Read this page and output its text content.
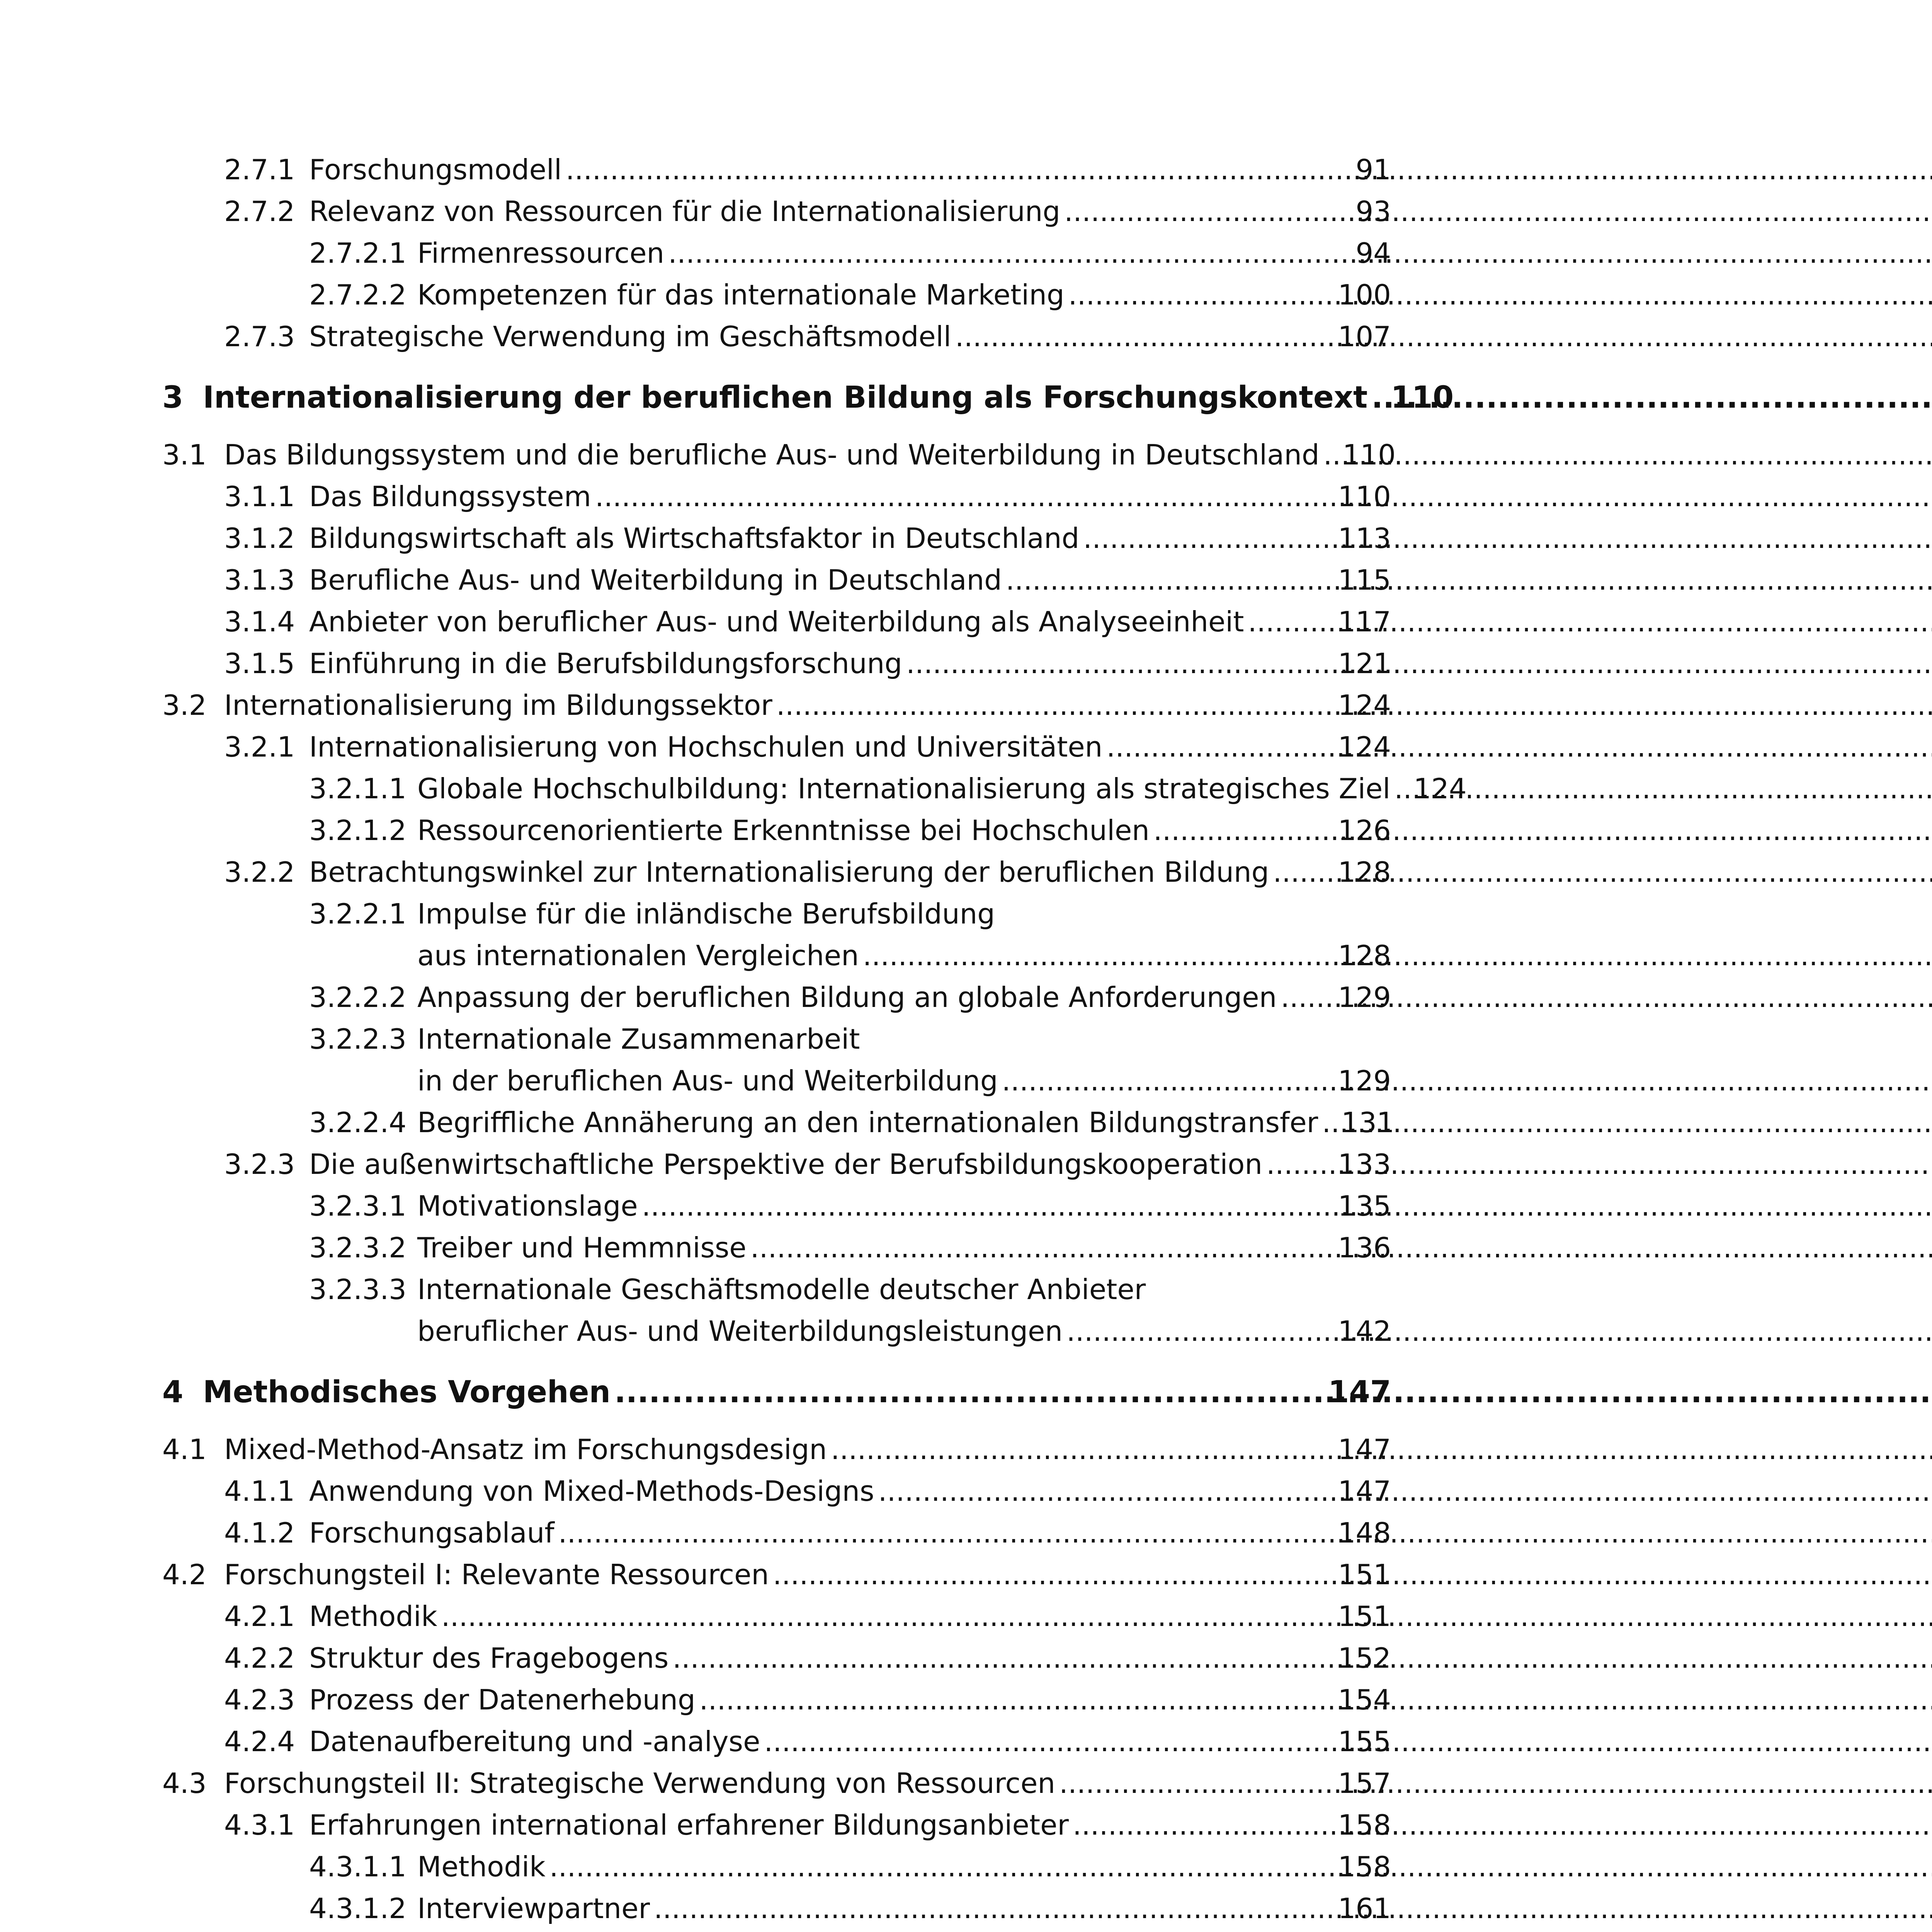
2.7.1 Forschungsmodell .....	91
2.7.2 Relevanz von Ressourcen für die Internationalisierung .....	93
2.7.2.1 Firmenressourcen .....	94
2.7.2.2 Kompetenzen für das internationale Marketing .....	100
2.7.3 Strategische Verwendung im Geschäftsmodell .....	107
3 Internationalisierung der beruflichen Bildung als Forschungskontext ..... 110
3.1 Das Bildungssystem und die berufliche Aus- und Weiterbildung in Deutschland ..... 110
3.1.1 Das Bildungssystem .....	110
3.1.2 Bildungswirtschaft als Wirtschaftsfaktor in Deutschland .....	113
3.1.3 Berufliche Aus- und Weiterbildung in Deutschland .....	115
3.1.4 Anbieter von beruflicher Aus- und Weiterbildung als Analyseeinheit .....	117
3.1.5 Einführung in die Berufsbildungsforschung .....	121
3.2 Internationalisierung im Bildungssektor .....	124
3.2.1 Internationalisierung von Hochschulen und Universitäten .....	124
3.2.1.1 Globale Hochschulbildung: Internationalisierung als strategisches Ziel ..... 124
3.2.1.2 Ressourcenorientierte Erkenntnisse bei Hochschulen .....	126
3.2.2 Betrachtungswinkel zur Internationalisierung der beruflichen Bildung ..... 128
3.2.2.1 Impulse für die inländische Berufsbildung
aus internationalen Vergleichen .....	128
3.2.2.2 Anpassung der beruflichen Bildung an globale Anforderungen ..... 129
3.2.2.3 Internationale Zusammenarbeit
in der beruflichen Aus- und Weiterbildung .....	129
3.2.2.4 Begriffliche Annäherung an den internationalen Bildungstransfer ..... 131
3.2.3 Die außenwirtschaftliche Perspektive der Berufsbildungskooperation .....	133
3.2.3.1 Motivationslage .....	135
3.2.3.2 Treiber und Hemmnisse .....	136
3.2.3.3 Internationale Geschäftsmodelle deutscher Anbieter
beruflicher Aus- und Weiterbildungsleistungen .....	142
4 Methodisches Vorgehen .....	147
4.1 Mixed-Method-Ansatz im Forschungsdesign .....	147
4.1.1 Anwendung von Mixed-Methods-Designs .....	147
4.1.2 Forschungsablauf .....	148
4.2 Forschungsteil I: Relevante Ressourcen .....	151
4.2.1 Methodik .....	151
4.2.2 Struktur des Fragebogens .....	152
4.2.3 Prozess der Datenerhebung .....	154
4.2.4 Datenaufbereitung und -analyse .....	155
4.3 Forschungsteil II: Strategische Verwendung von Ressourcen .....	157
4.3.1 Erfahrungen international erfahrener Bildungsanbieter .....	158
4.3.1.1 Methodik .....	158
4.3.1.2 Interviewpartner .....	161
.....
